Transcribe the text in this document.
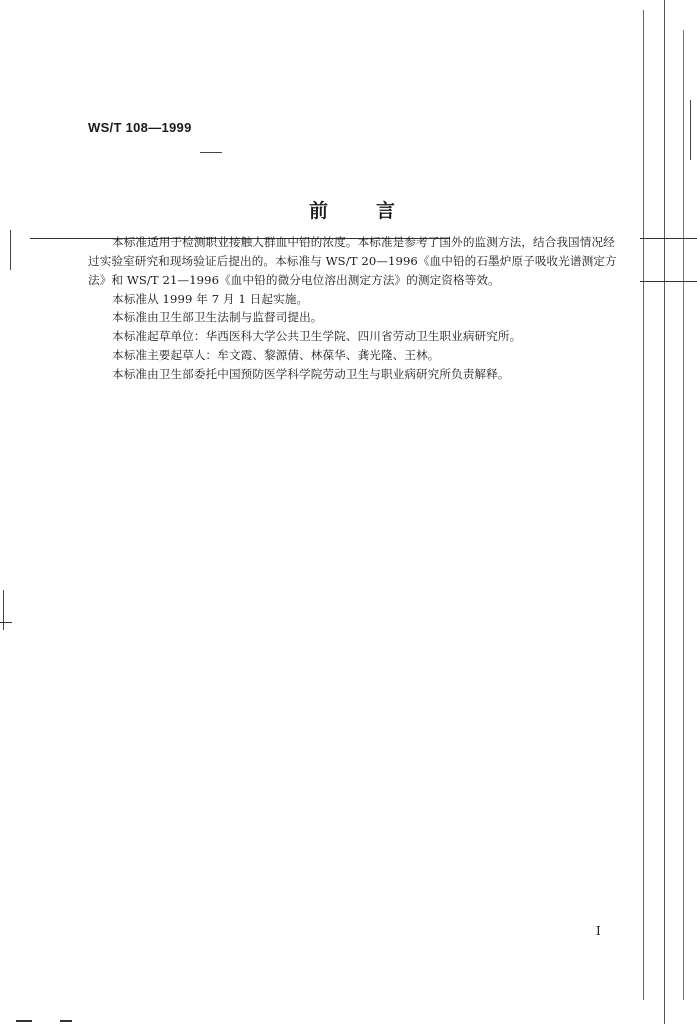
WS/T 108—1999
前言
本标准适用于检测职业接触人群血中铅的浓度。本标准是参考了国外的监测方法，结合我国情况经
过实验室研究和现场验证后提出的。本标准与 WS/T 20—1996《血中铅的石墨炉原子吸收光谱测定方
法》和 WS/T 21—1996《血中铅的微分电位溶出测定方法》的测定资格等效。
本标准从 1999 年 7 月 1 日起实施。
本标准由卫生部卫生法制与监督司提出。
本标准起草单位：华西医科大学公共卫生学院、四川省劳动卫生职业病研究所。
本标准主要起草人：牟文霞、黎源倩、林葆华、龚光隆、王林。
本标准由卫生部委托中国预防医学科学院劳动卫生与职业病研究所负责解释。
I
